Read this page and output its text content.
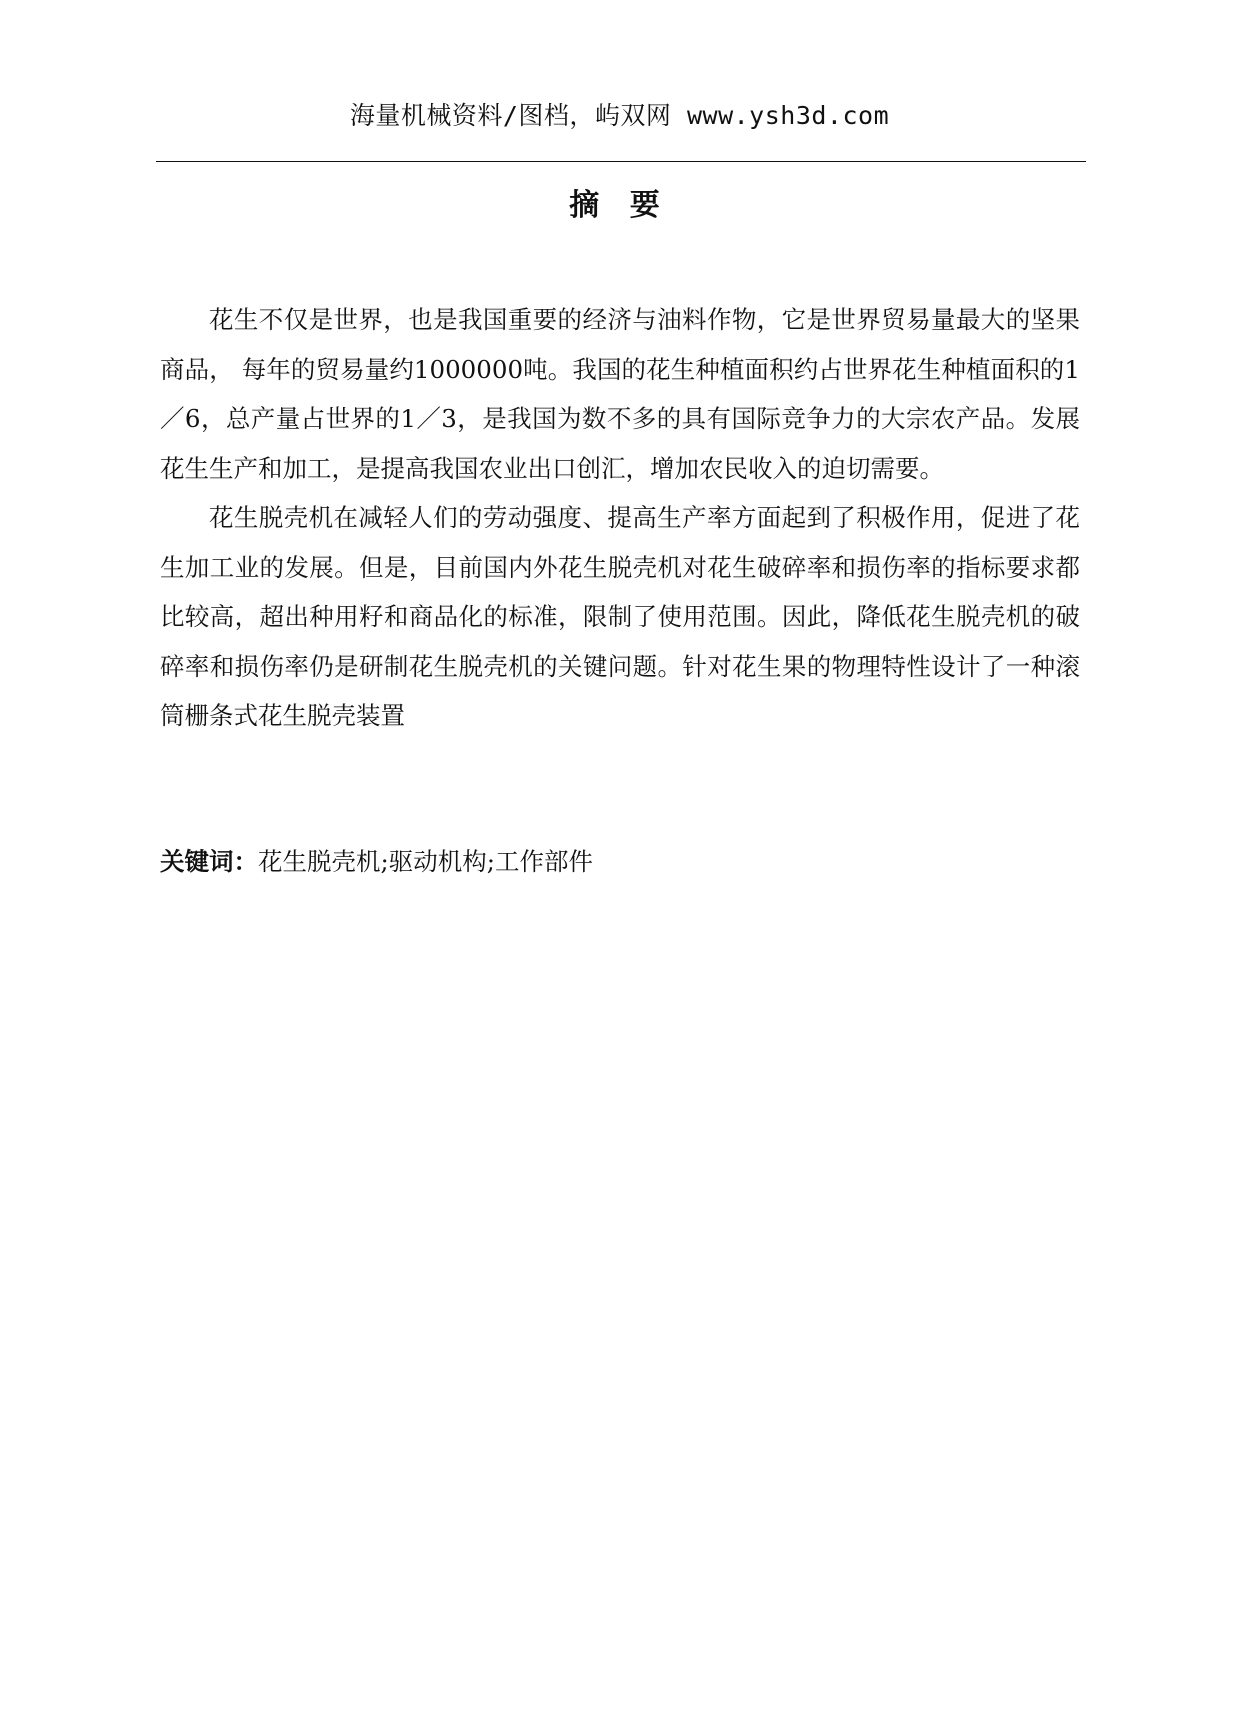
海量机械资料/图档，屿双网 www.ysh3d.com
摘 要

花生不仅是世界，也是我国重要的经济与油料作物，它是世界贸易量最大的坚果商品， 每年的贸易量约1000000吨。我国的花生种植面积约占世界花生种植面积的1／6，总产量占世界的1／3，是我国为数不多的具有国际竞争力的大宗农产品。发展花生生产和加工，是提高我国农业出口创汇，增加农民收入的迫切需要。

花生脱壳机在减轻人们的劳动强度、提高生产率方面起到了积极作用，促进了花生加工业的发展。但是，目前国内外花生脱壳机对花生破碎率和损伤率的指标要求都比较高，超出种用籽和商品化的标准，限制了使用范围。因此，降低花生脱壳机的破碎率和损伤率仍是研制花生脱壳机的关键问题。针对花生果的物理特性设计了一种滚筒栅条式花生脱壳装置

关键词：花生脱壳机;驱动机构;工作部件
